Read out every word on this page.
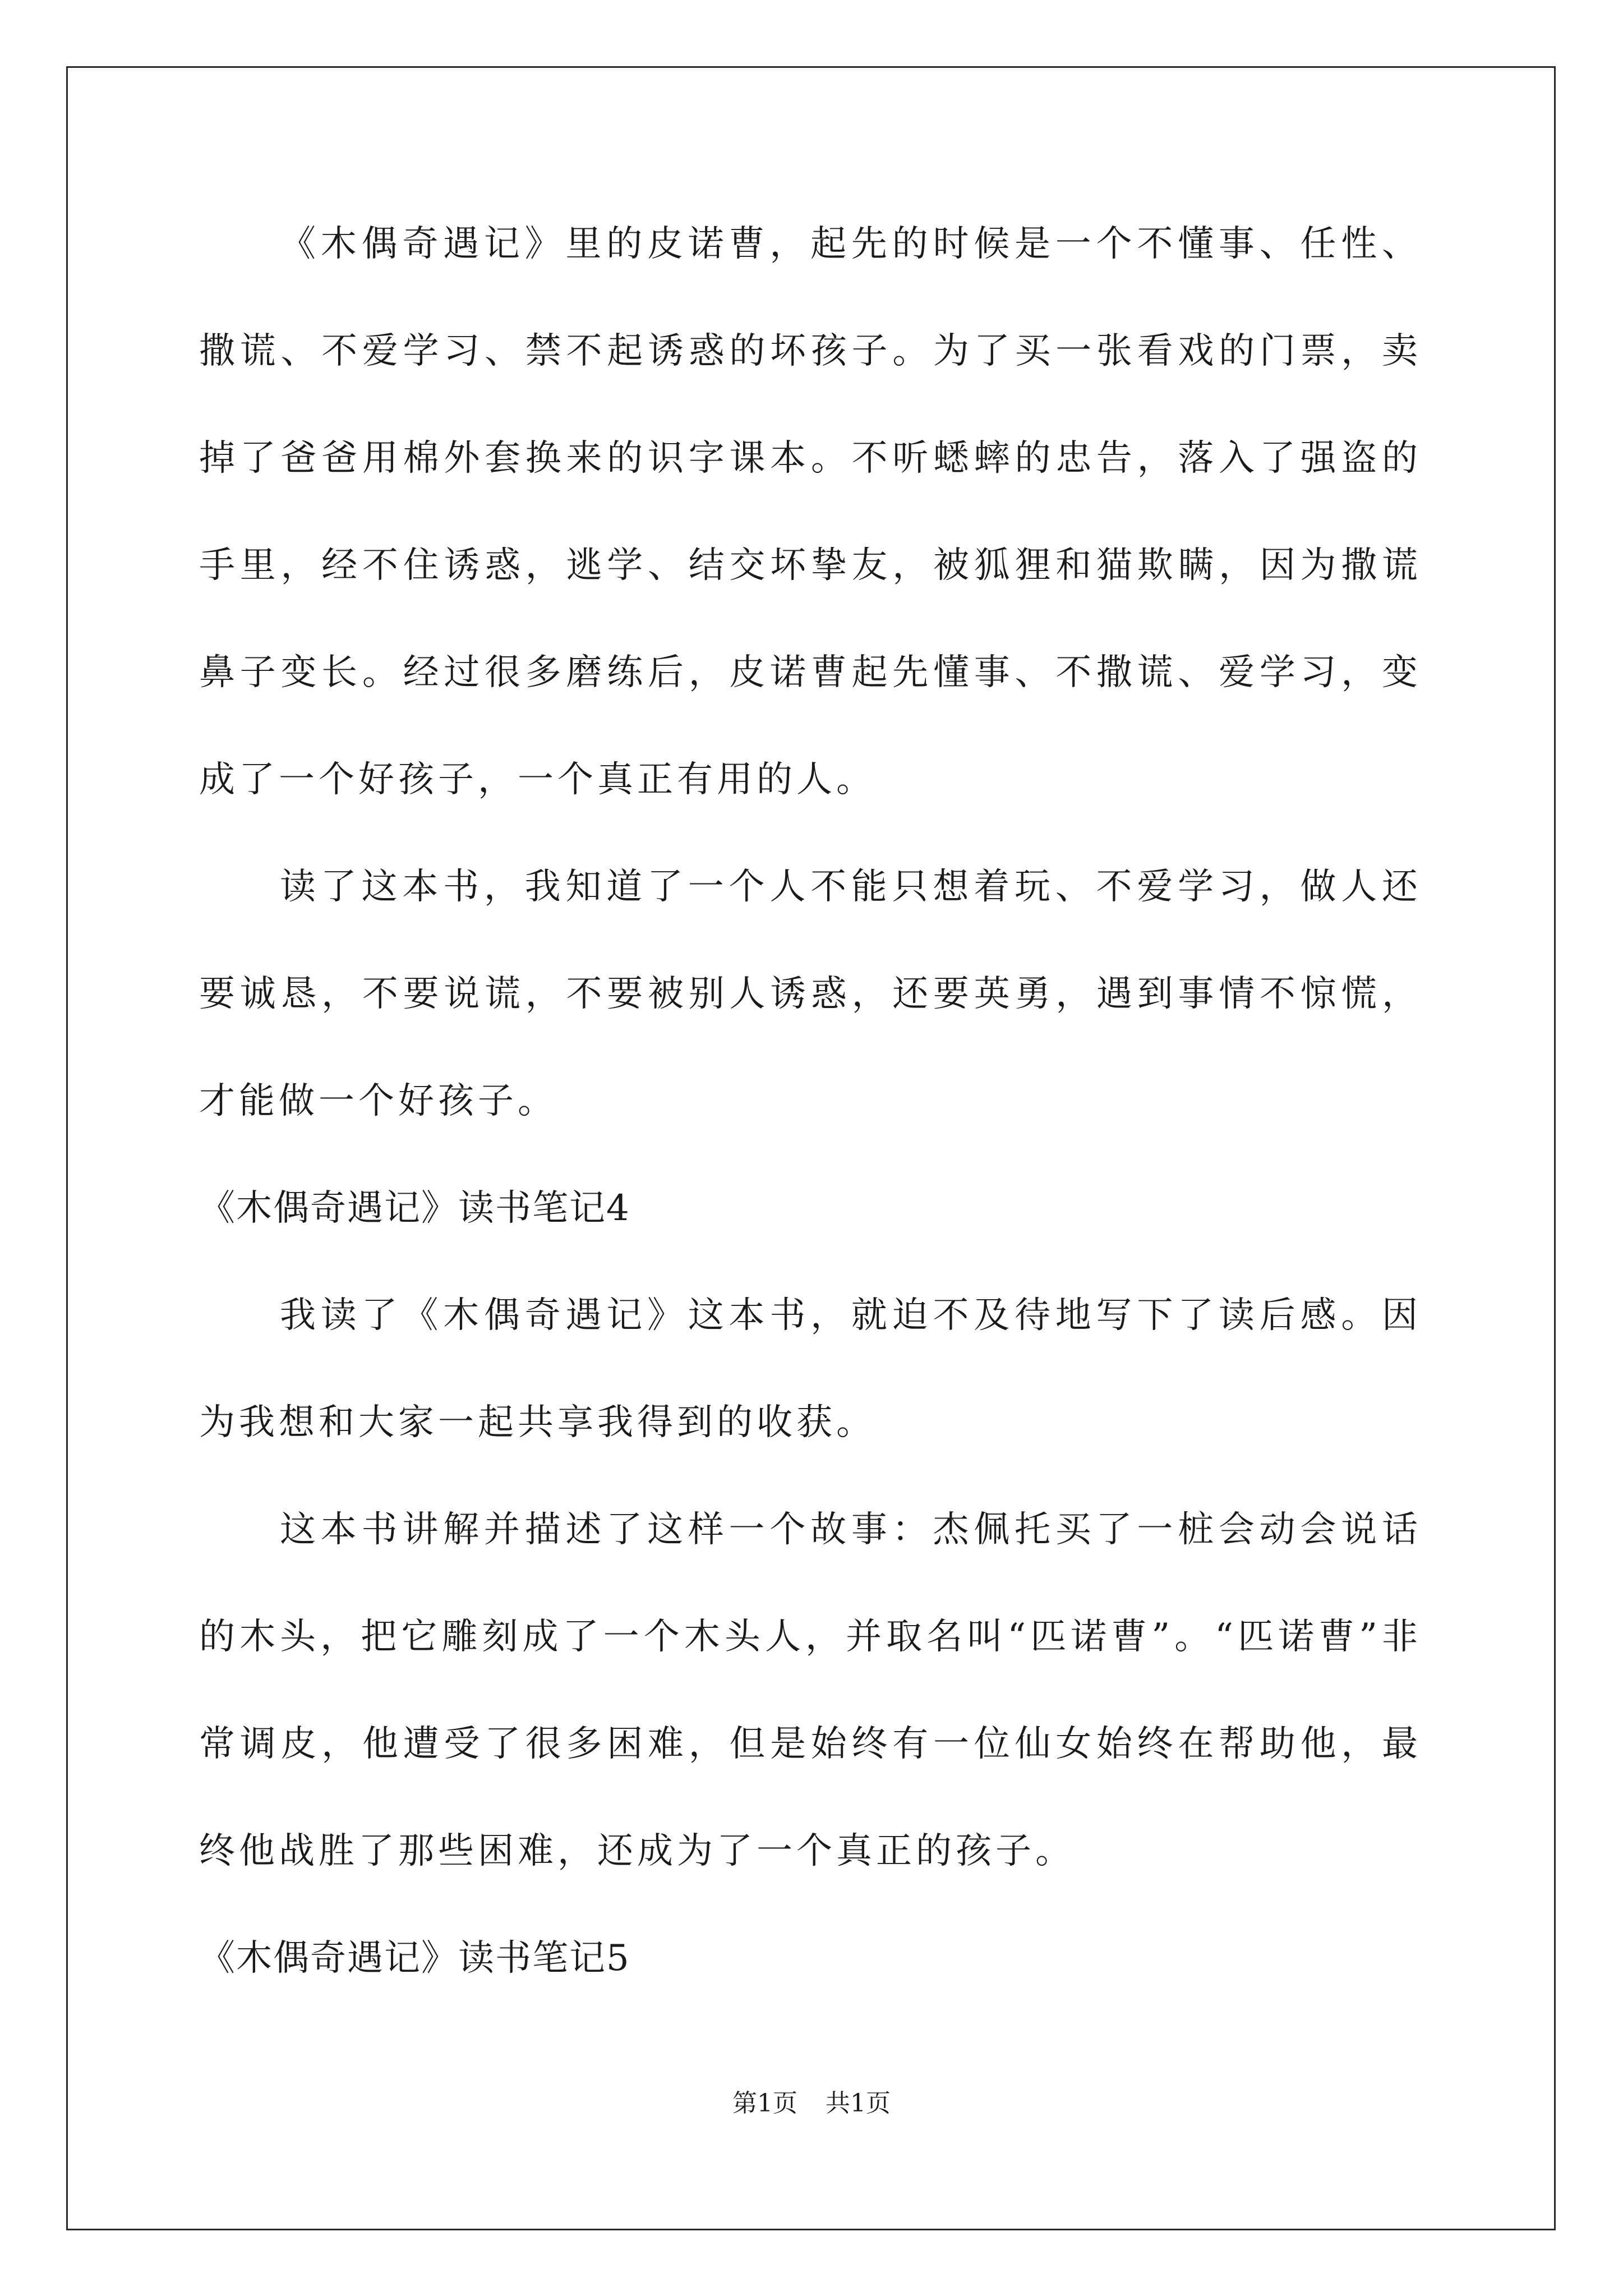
《木偶奇遇记》里的皮诺曹，起先的时候是一个不懂事、任性、撒谎、不爱学习、禁不起诱惑的坏孩子。为了买一张看戏的门票，卖掉了爸爸用棉外套换来的识字课本。不听蟋蟀的忠告，落入了强盗的手里，经不住诱惑，逃学、结交坏挚友，被狐狸和猫欺瞒，因为撒谎鼻子变长。经过很多磨练后，皮诺曹起先懂事、不撒谎、爱学习，变成了一个好孩子，一个真正有用的人。

读了这本书，我知道了一个人不能只想着玩、不爱学习，做人还要诚恳，不要说谎，不要被别人诱惑，还要英勇，遇到事情不惊慌，才能做一个好孩子。

《木偶奇遇记》读书笔记4

我读了《木偶奇遇记》这本书，就迫不及待地写下了读后感。因为我想和大家一起共享我得到的收获。

这本书讲解并描述了这样一个故事：杰佩托买了一桩会动会说话的木头，把它雕刻成了一个木头人，并取名叫“匹诺曹”。“匹诺曹”非常调皮，他遭受了很多困难，但是始终有一位仙女始终在帮助他，最终他战胜了那些困难，还成为了一个真正的孩子。

《木偶奇遇记》读书笔记5

第1页 共1页
